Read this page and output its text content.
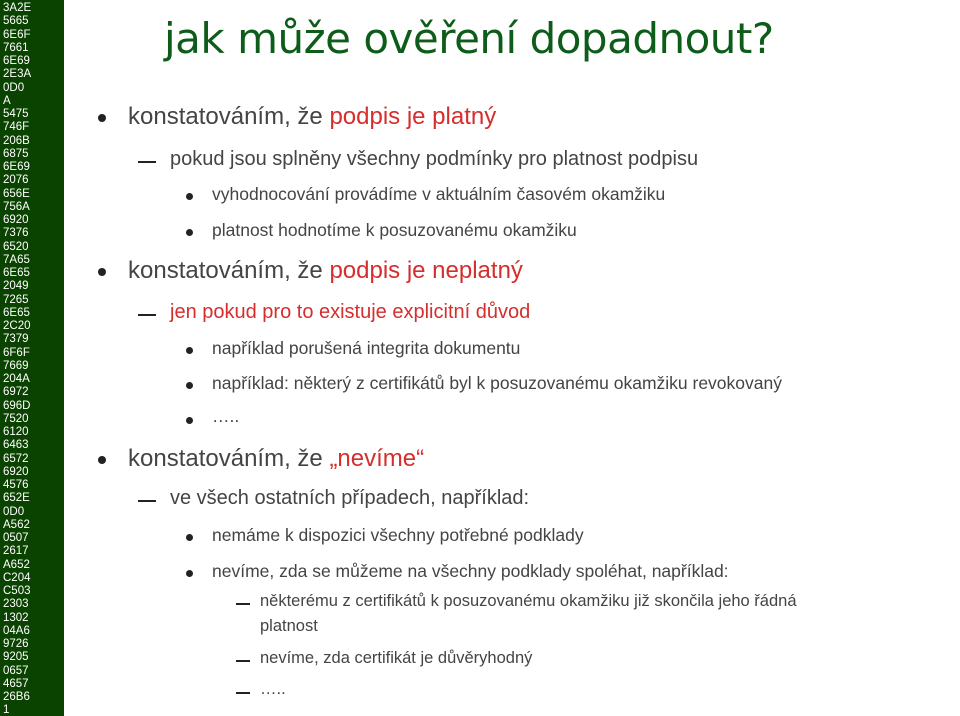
3A2E
5665
6E6F
7661
6E69
2E3A
0D0
A
5475
746F
206B
6875
6E69
2076
656E
756A
6920
7376
6520
7A65
6E65
2049
7265
6E65
2C20
7379
6F6F
7669
204A
6972
696D
7520
6120
6463
6572
6920
4576
652E
0D0
A562
0507
2617
A652
C204
C503
2303
1302
04A6
9726
9205
0657
4657
26B6
1
jak může ověření dopadnout?
konstatováním, že podpis je platný
pokud jsou splněny všechny podmínky pro platnost podpisu
vyhodnocování provádíme v aktuálním časovém okamžiku
platnost hodnotíme k posuzovanému okamžiku
konstatováním, že podpis je neplatný
jen pokud pro to existuje explicitní důvod
například porušená integrita dokumentu
například: některý z certifikátů byl k posuzovanému okamžiku revokovaný
…..
konstatováním, že „nevíme“
ve všech ostatních případech, například:
nemáme k dispozici všechny potřebné podklady
nevíme, zda se můžeme na všechny podklady spoléhat, například:
některému z certifikátů k posuzovanému okamžiku již skončila jeho řádná
platnost
nevíme, zda certifikát je důvěryhodný
…..
